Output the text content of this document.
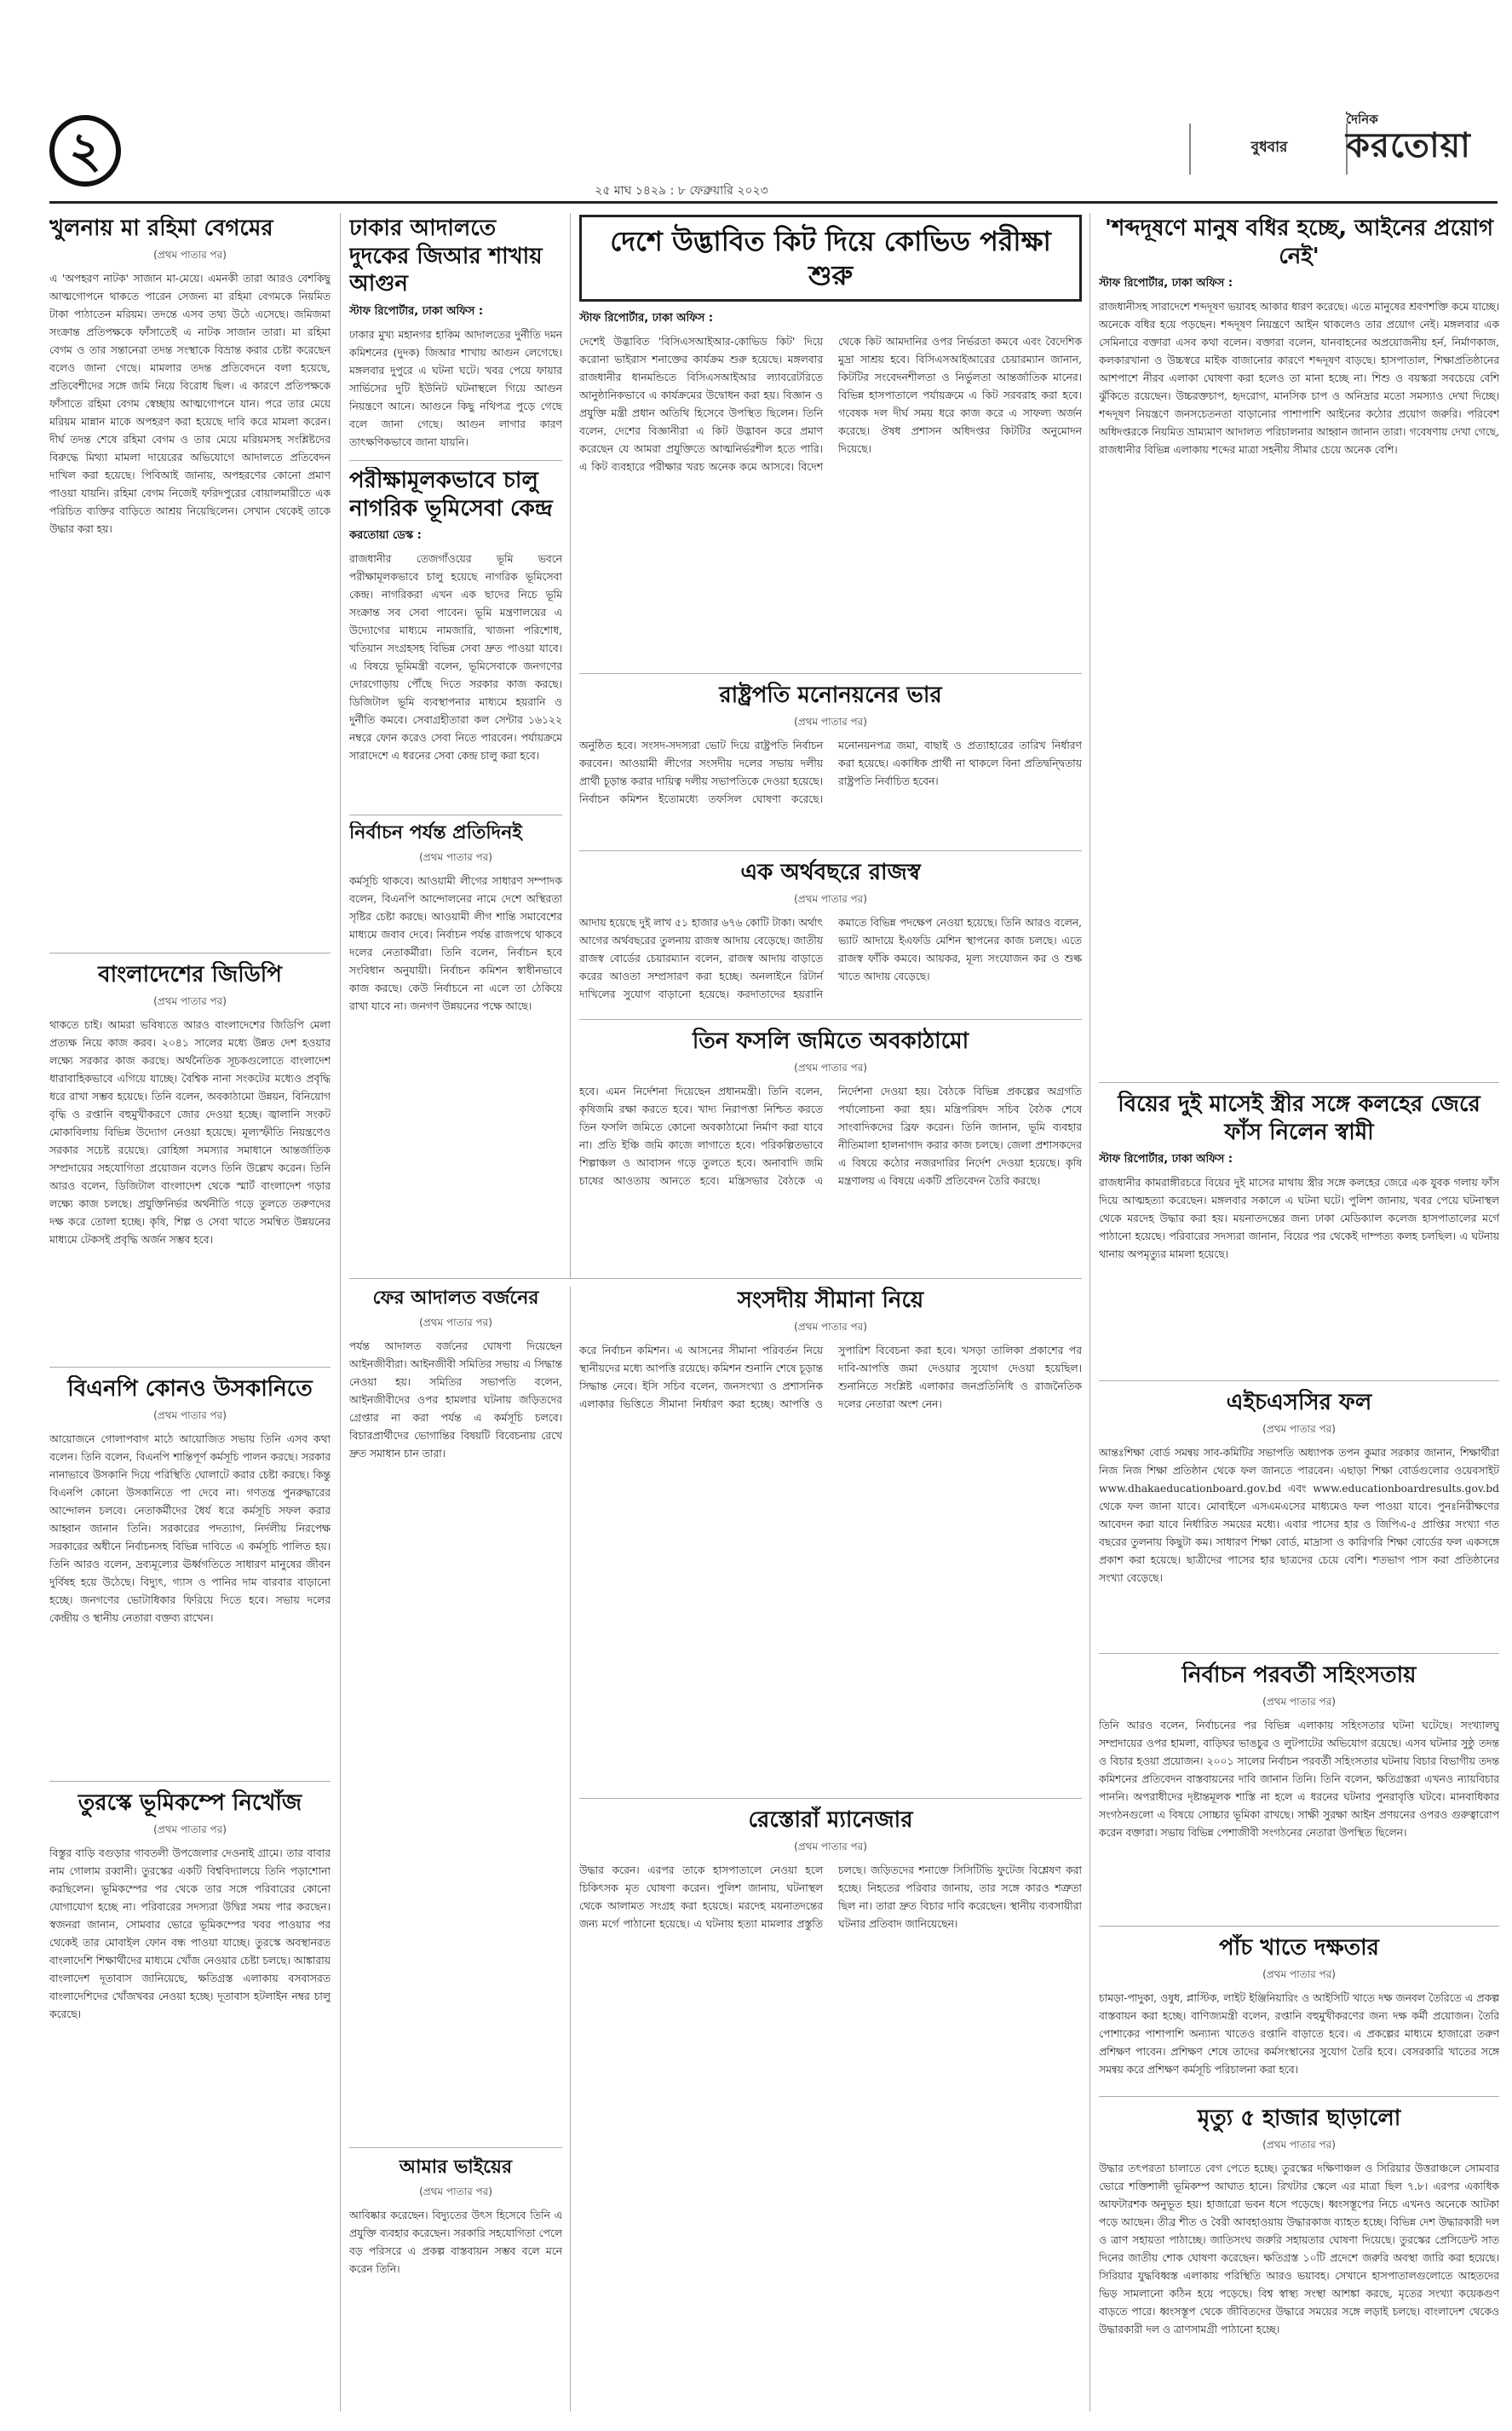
২
২৫ মাঘ ১৪২৯ : ৮ ফেব্রুয়ারি ২০২৩
বুধবার
দৈনিক
করতোয়া
খুলনায় মা রহিমা বেগমের
(প্রথম পাতার পর)

এ 'অপহরণ নাটক' সাজান মা-মেয়ে। এমনকী তারা আরও বেশকিছু আত্মগোপনে থাকতে পারেন সেজন্য মা রহিমা বেগমকে নিয়মিত টাকা পাঠাতেন মরিয়ম। তদন্তে এসব তথ্য উঠে এসেছে। জমিজমা সংক্রান্ত প্রতিপক্ষকে ফাঁসাতেই এ নাটক সাজান তারা। মা রহিমা বেগম ও তার সন্তানেরা তদন্ত সংস্থাকে বিভ্রান্ত করার চেষ্টা করেছেন বলেও জানা গেছে। মামলার তদন্ত প্রতিবেদনে বলা হয়েছে, প্রতিবেশীদের সঙ্গে জমি নিয়ে বিরোধ ছিল। এ কারণে প্রতিপক্ষকে ফাঁসাতে রহিমা বেগম স্বেচ্ছায় আত্মগোপনে যান। পরে তার মেয়ে মরিয়ম মান্নান মাকে অপহরণ করা হয়েছে দাবি করে মামলা করেন। দীর্ঘ তদন্ত শেষে রহিমা বেগম ও তার মেয়ে মরিয়মসহ সংশ্লিষ্টদের বিরুদ্ধে মিথ্যা মামলা দায়েরের অভিযোগে আদালতে প্রতিবেদন দাখিল করা হয়েছে। পিবিআই জানায়, অপহরণের কোনো প্রমাণ পাওয়া যায়নি। রহিমা বেগম নিজেই ফরিদপুরের বোয়ালমারীতে এক পরিচিত ব্যক্তির বাড়িতে আশ্রয় নিয়েছিলেন। সেখান থেকেই তাকে উদ্ধার করা হয়।

বাংলাদেশের জিডিপি
(প্রথম পাতার পর)

থাকতে চাই। আমরা ভবিষ্যতে আরও বাংলাদেশের জিডিপি মেলা প্রত্যক্ষ নিয়ে কাজ করব। ২০৪১ সালের মধ্যে উন্নত দেশ হওয়ার লক্ষ্যে সরকার কাজ করছে। অর্থনৈতিক সূচকগুলোতে বাংলাদেশ ধারাবাহিকভাবে এগিয়ে যাচ্ছে। বৈশ্বিক নানা সংকটের মধ্যেও প্রবৃদ্ধি ধরে রাখা সম্ভব হয়েছে। তিনি বলেন, অবকাঠামো উন্নয়ন, বিনিয়োগ বৃদ্ধি ও রপ্তানি বহুমুখীকরণে জোর দেওয়া হচ্ছে। জ্বালানি সংকট মোকাবিলায় বিভিন্ন উদ্যোগ নেওয়া হয়েছে। মূল্যস্ফীতি নিয়ন্ত্রণেও সরকার সচেষ্ট রয়েছে। রোহিঙ্গা সমস্যার সমাধানে আন্তর্জাতিক সম্প্রদায়ের সহযোগিতা প্রয়োজন বলেও তিনি উল্লেখ করেন। তিনি আরও বলেন, ডিজিটাল বাংলাদেশ থেকে স্মার্ট বাংলাদেশ গড়ার লক্ষ্যে কাজ চলছে। প্রযুক্তিনির্ভর অর্থনীতি গড়ে তুলতে তরুণদের দক্ষ করে তোলা হচ্ছে। কৃষি, শিল্প ও সেবা খাতে সমন্বিত উন্নয়নের মাধ্যমে টেকসই প্রবৃদ্ধি অর্জন সম্ভব হবে।

বিএনপি কোনও উসকানিতে
(প্রথম পাতার পর)

আয়োজনে গোলাপবাগ মাঠে আয়োজিত সভায় তিনি এসব কথা বলেন। তিনি বলেন, বিএনপি শান্তিপূর্ণ কর্মসূচি পালন করছে। সরকার নানাভাবে উসকানি দিয়ে পরিস্থিতি ঘোলাটে করার চেষ্টা করছে। কিন্তু বিএনপি কোনো উসকানিতে পা দেবে না। গণতন্ত্র পুনরুদ্ধারের আন্দোলন চলবে। নেতাকর্মীদের ধৈর্য ধরে কর্মসূচি সফল করার আহ্বান জানান তিনি। সরকারের পদত্যাগ, নির্দলীয় নিরপেক্ষ সরকারের অধীনে নির্বাচনসহ বিভিন্ন দাবিতে এ কর্মসূচি পালিত হয়। তিনি আরও বলেন, দ্রব্যমূল্যের ঊর্ধ্বগতিতে সাধারণ মানুষের জীবন দুর্বিষহ হয়ে উঠেছে। বিদ্যুৎ, গ্যাস ও পানির দাম বারবার বাড়ানো হচ্ছে। জনগণের ভোটাধিকার ফিরিয়ে দিতে হবে। সভায় দলের কেন্দ্রীয় ও স্থানীয় নেতারা বক্তব্য রাখেন।

তুরস্কে ভূমিকম্পে নিখোঁজ
(প্রথম পাতার পর)

বিস্তুর বাড়ি বগুড়ার গাবতলী উপজেলার দেওনাই গ্রামে। তার বাবার নাম গোলাম রব্বানী। তুরস্কের একটি বিশ্ববিদ্যালয়ে তিনি পড়াশোনা করছিলেন। ভূমিকম্পের পর থেকে তার সঙ্গে পরিবারের কোনো যোগাযোগ হচ্ছে না। পরিবারের সদস্যরা উদ্বিগ্ন সময় পার করছেন। স্বজনরা জানান, সোমবার ভোরে ভূমিকম্পের খবর পাওয়ার পর থেকেই তার মোবাইল ফোন বন্ধ পাওয়া যাচ্ছে। তুরস্কে অবস্থানরত বাংলাদেশি শিক্ষার্থীদের মাধ্যমে খোঁজ নেওয়ার চেষ্টা চলছে। আঙ্কারায় বাংলাদেশ দূতাবাস জানিয়েছে, ক্ষতিগ্রস্ত এলাকায় বসবাসরত বাংলাদেশিদের খোঁজখবর নেওয়া হচ্ছে। দূতাবাস হটলাইন নম্বর চালু করেছে।

ঢাকার আদালতে দুদকের জিআর শাখায় আগুন
স্টাফ রিপোর্টার, ঢাকা অফিস :

ঢাকার মুখ্য মহানগর হাকিম আদালতের দুর্নীতি দমন কমিশনের (দুদক) জিআর শাখায় আগুন লেগেছে। মঙ্গলবার দুপুরে এ ঘটনা ঘটে। খবর পেয়ে ফায়ার সার্ভিসের দুটি ইউনিট ঘটনাস্থলে গিয়ে আগুন নিয়ন্ত্রণে আনে। আগুনে কিছু নথিপত্র পুড়ে গেছে বলে জানা গেছে। আগুন লাগার কারণ তাৎক্ষণিকভাবে জানা যায়নি।

পরীক্ষামূলকভাবে চালু নাগরিক ভূমিসেবা কেন্দ্র
করতোয়া ডেস্ক :

রাজধানীর তেজগাঁওয়ের ভূমি ভবনে পরীক্ষামূলকভাবে চালু হয়েছে নাগরিক ভূমিসেবা কেন্দ্র। নাগরিকরা এখন এক ছাদের নিচে ভূমি সংক্রান্ত সব সেবা পাবেন। ভূমি মন্ত্রণালয়ের এ উদ্যোগের মাধ্যমে নামজারি, খাজনা পরিশোধ, খতিয়ান সংগ্রহসহ বিভিন্ন সেবা দ্রুত পাওয়া যাবে। এ বিষয়ে ভূমিমন্ত্রী বলেন, ভূমিসেবাকে জনগণের দোরগোড়ায় পৌঁছে দিতে সরকার কাজ করছে। ডিজিটাল ভূমি ব্যবস্থাপনার মাধ্যমে হয়রানি ও দুর্নীতি কমবে। সেবাগ্রহীতারা কল সেন্টার ১৬১২২ নম্বরে ফোন করেও সেবা নিতে পারবেন। পর্যায়ক্রমে সারাদেশে এ ধরনের সেবা কেন্দ্র চালু করা হবে।

নির্বাচন পর্যন্ত প্রতিদিনই
(প্রথম পাতার পর)

কর্মসূচি থাকবে। আওয়ামী লীগের সাধারণ সম্পাদক বলেন, বিএনপি আন্দোলনের নামে দেশে অস্থিরতা সৃষ্টির চেষ্টা করছে। আওয়ামী লীগ শান্তি সমাবেশের মাধ্যমে জবাব দেবে। নির্বাচন পর্যন্ত রাজপথে থাকবে দলের নেতাকর্মীরা। তিনি বলেন, নির্বাচন হবে সংবিধান অনুযায়ী। নির্বাচন কমিশন স্বাধীনভাবে কাজ করছে। কেউ নির্বাচনে না এলে তা ঠেকিয়ে রাখা যাবে না। জনগণ উন্নয়নের পক্ষে আছে।

ফের আদালত বর্জনের
(প্রথম পাতার পর)

পর্যন্ত আদালত বর্জনের ঘোষণা দিয়েছেন আইনজীবীরা। আইনজীবী সমিতির সভায় এ সিদ্ধান্ত নেওয়া হয়। সমিতির সভাপতি বলেন, আইনজীবীদের ওপর হামলার ঘটনায় জড়িতদের গ্রেপ্তার না করা পর্যন্ত এ কর্মসূচি চলবে। বিচারপ্রার্থীদের ভোগান্তির বিষয়টি বিবেচনায় রেখে দ্রুত সমাধান চান তারা।

আমার ভাইয়ের
(প্রথম পাতার পর)

আবিষ্কার করেছেন। বিদ্যুতের উৎস হিসেবে তিনি এ প্রযুক্তি ব্যবহার করেছেন। সরকারি সহযোগিতা পেলে বড় পরিসরে এ প্রকল্প বাস্তবায়ন সম্ভব বলে মনে করেন তিনি।

দেশে উদ্ভাবিত কিট দিয়ে কোভিড পরীক্ষা শুরু
স্টাফ রিপোর্টার, ঢাকা অফিস :

দেশেই উদ্ভাবিত 'বিসিএসআইআর-কোভিড কিট' দিয়ে করোনা ভাইরাস শনাক্তের কার্যক্রম শুরু হয়েছে। মঙ্গলবার রাজধানীর ধানমন্ডিতে বিসিএসআইআর ল্যাবরেটরিতে আনুষ্ঠানিকভাবে এ কার্যক্রমের উদ্বোধন করা হয়। বিজ্ঞান ও প্রযুক্তি মন্ত্রী প্রধান অতিথি হিসেবে উপস্থিত ছিলেন। তিনি বলেন, দেশের বিজ্ঞানীরা এ কিট উদ্ভাবন করে প্রমাণ করেছেন যে আমরা প্রযুক্তিতে আত্মনির্ভরশীল হতে পারি। এ কিট ব্যবহারে পরীক্ষার খরচ অনেক কমে আসবে। বিদেশ থেকে কিট আমদানির ওপর নির্ভরতা কমবে এবং বৈদেশিক মুদ্রা সাশ্রয় হবে। বিসিএসআইআরের চেয়ারম্যান জানান, কিটটির সংবেদনশীলতা ও নির্ভুলতা আন্তর্জাতিক মানের। বিভিন্ন হাসপাতালে পর্যায়ক্রমে এ কিট সরবরাহ করা হবে। গবেষক দল দীর্ঘ সময় ধরে কাজ করে এ সাফল্য অর্জন করেছে। ঔষধ প্রশাসন অধিদপ্তর কিটটির অনুমোদন দিয়েছে।

রাষ্ট্রপতি মনোনয়নের ভার
(প্রথম পাতার পর)

অনুষ্ঠিত হবে। সংসদ-সদস্যরা ভোট দিয়ে রাষ্ট্রপতি নির্বাচন করবেন। আওয়ামী লীগের সংসদীয় দলের সভায় দলীয় প্রার্থী চূড়ান্ত করার দায়িত্ব দলীয় সভাপতিকে দেওয়া হয়েছে। নির্বাচন কমিশন ইতোমধ্যে তফসিল ঘোষণা করেছে। মনোনয়নপত্র জমা, বাছাই ও প্রত্যাহারের তারিখ নির্ধারণ করা হয়েছে। একাধিক প্রার্থী না থাকলে বিনা প্রতিদ্বন্দ্বিতায় রাষ্ট্রপতি নির্বাচিত হবেন।

এক অর্থবছরে রাজস্ব
(প্রথম পাতার পর)

আদায় হয়েছে দুই লাখ ৫১ হাজার ৬৭৬ কোটি টাকা। অর্থাৎ আগের অর্থবছরের তুলনায় রাজস্ব আদায় বেড়েছে। জাতীয় রাজস্ব বোর্ডের চেয়ারম্যান বলেন, রাজস্ব আদায় বাড়াতে করের আওতা সম্প্রসারণ করা হচ্ছে। অনলাইনে রিটার্ন দাখিলের সুযোগ বাড়ানো হয়েছে। করদাতাদের হয়রানি কমাতে বিভিন্ন পদক্ষেপ নেওয়া হয়েছে। তিনি আরও বলেন, ভ্যাট আদায়ে ইএফডি মেশিন স্থাপনের কাজ চলছে। এতে রাজস্ব ফাঁকি কমবে। আয়কর, মূল্য সংযোজন কর ও শুল্ক খাতে আদায় বেড়েছে।

তিন ফসলি জমিতে অবকাঠামো
(প্রথম পাতার পর)

হবে। এমন নির্দেশনা দিয়েছেন প্রধানমন্ত্রী। তিনি বলেন, কৃষিজমি রক্ষা করতে হবে। খাদ্য নিরাপত্তা নিশ্চিত করতে তিন ফসলি জমিতে কোনো অবকাঠামো নির্মাণ করা যাবে না। প্রতি ইঞ্চি জমি কাজে লাগাতে হবে। পরিকল্পিতভাবে শিল্পাঞ্চল ও আবাসন গড়ে তুলতে হবে। অনাবাদি জমি চাষের আওতায় আনতে হবে। মন্ত্রিসভার বৈঠকে এ নির্দেশনা দেওয়া হয়। বৈঠকে বিভিন্ন প্রকল্পের অগ্রগতি পর্যালোচনা করা হয়। মন্ত্রিপরিষদ সচিব বৈঠক শেষে সাংবাদিকদের ব্রিফ করেন। তিনি জানান, ভূমি ব্যবহার নীতিমালা হালনাগাদ করার কাজ চলছে। জেলা প্রশাসকদের এ বিষয়ে কঠোর নজরদারির নির্দেশ দেওয়া হয়েছে। কৃষি মন্ত্রণালয় এ বিষয়ে একটি প্রতিবেদন তৈরি করছে।

সংসদীয় সীমানা নিয়ে
(প্রথম পাতার পর)

করে নির্বাচন কমিশন। এ আসনের সীমানা পরিবর্তন নিয়ে স্থানীয়দের মধ্যে আপত্তি রয়েছে। কমিশন শুনানি শেষে চূড়ান্ত সিদ্ধান্ত নেবে। ইসি সচিব বলেন, জনসংখ্যা ও প্রশাসনিক এলাকার ভিত্তিতে সীমানা নির্ধারণ করা হচ্ছে। আপত্তি ও সুপারিশ বিবেচনা করা হবে। খসড়া তালিকা প্রকাশের পর দাবি-আপত্তি জমা দেওয়ার সুযোগ দেওয়া হয়েছিল। শুনানিতে সংশ্লিষ্ট এলাকার জনপ্রতিনিধি ও রাজনৈতিক দলের নেতারা অংশ নেন।

রেস্তোরাঁ ম্যানেজার
(প্রথম পাতার পর)

উদ্ধার করেন। এরপর তাকে হাসপাতালে নেওয়া হলে চিকিৎসক মৃত ঘোষণা করেন। পুলিশ জানায়, ঘটনাস্থল থেকে আলামত সংগ্রহ করা হয়েছে। মরদেহ ময়নাতদন্তের জন্য মর্গে পাঠানো হয়েছে। এ ঘটনায় হত্যা মামলার প্রস্তুতি চলছে। জড়িতদের শনাক্তে সিসিটিভি ফুটেজ বিশ্লেষণ করা হচ্ছে। নিহতের পরিবার জানায়, তার সঙ্গে কারও শত্রুতা ছিল না। তারা দ্রুত বিচার দাবি করেছেন। স্থানীয় ব্যবসায়ীরা ঘটনার প্রতিবাদ জানিয়েছেন।

'শব্দদূষণে মানুষ বধির হচ্ছে, আইনের প্রয়োগ নেই'
স্টাফ রিপোর্টার, ঢাকা অফিস :

রাজধানীসহ সারাদেশে শব্দদূষণ ভয়াবহ আকার ধারণ করেছে। এতে মানুষের শ্রবণশক্তি কমে যাচ্ছে। অনেকে বধির হয়ে পড়ছেন। শব্দদূষণ নিয়ন্ত্রণে আইন থাকলেও তার প্রয়োগ নেই। মঙ্গলবার এক সেমিনারে বক্তারা এসব কথা বলেন। বক্তারা বলেন, যানবাহনের অপ্রয়োজনীয় হর্ন, নির্মাণকাজ, কলকারখানা ও উচ্চস্বরে মাইক বাজানোর কারণে শব্দদূষণ বাড়ছে। হাসপাতাল, শিক্ষাপ্রতিষ্ঠানের আশপাশে নীরব এলাকা ঘোষণা করা হলেও তা মানা হচ্ছে না। শিশু ও বয়স্করা সবচেয়ে বেশি ঝুঁকিতে রয়েছেন। উচ্চরক্তচাপ, হৃদরোগ, মানসিক চাপ ও অনিদ্রার মতো সমস্যাও দেখা দিচ্ছে। শব্দদূষণ নিয়ন্ত্রণে জনসচেতনতা বাড়ানোর পাশাপাশি আইনের কঠোর প্রয়োগ জরুরি। পরিবেশ অধিদপ্তরকে নিয়মিত ভ্রাম্যমাণ আদালত পরিচালনার আহ্বান জানান তারা। গবেষণায় দেখা গেছে, রাজধানীর বিভিন্ন এলাকায় শব্দের মাত্রা সহনীয় সীমার চেয়ে অনেক বেশি।

বিয়ের দুই মাসেই স্ত্রীর সঙ্গে কলহের জেরে ফাঁস নিলেন স্বামী
স্টাফ রিপোর্টার, ঢাকা অফিস :

রাজধানীর কামরাঙ্গীরচরে বিয়ের দুই মাসের মাথায় স্ত্রীর সঙ্গে কলহের জেরে এক যুবক গলায় ফাঁস দিয়ে আত্মহত্যা করেছেন। মঙ্গলবার সকালে এ ঘটনা ঘটে। পুলিশ জানায়, খবর পেয়ে ঘটনাস্থল থেকে মরদেহ উদ্ধার করা হয়। ময়নাতদন্তের জন্য ঢাকা মেডিক্যাল কলেজ হাসপাতালের মর্গে পাঠানো হয়েছে। পরিবারের সদস্যরা জানান, বিয়ের পর থেকেই দাম্পত্য কলহ চলছিল। এ ঘটনায় থানায় অপমৃত্যুর মামলা হয়েছে।

এইচএসসির ফল
(প্রথম পাতার পর)

আন্তঃশিক্ষা বোর্ড সমন্বয় সাব-কমিটির সভাপতি অধ্যাপক তপন কুমার সরকার জানান, শিক্ষার্থীরা নিজ নিজ শিক্ষা প্রতিষ্ঠান থেকে ফল জানতে পারবেন। এছাড়া শিক্ষা বোর্ডগুলোর ওয়েবসাইট www.dhakaeducationboard.gov.bd এবং www.educationboardresults.gov.bd থেকে ফল জানা যাবে। মোবাইলে এসএমএসের মাধ্যমেও ফল পাওয়া যাবে। পুনঃনিরীক্ষণের আবেদন করা যাবে নির্ধারিত সময়ের মধ্যে। এবার পাসের হার ও জিপিএ-৫ প্রাপ্তির সংখ্যা গত বছরের তুলনায় কিছুটা কম। সাধারণ শিক্ষা বোর্ড, মাদ্রাসা ও কারিগরি শিক্ষা বোর্ডের ফল একসঙ্গে প্রকাশ করা হয়েছে। ছাত্রীদের পাসের হার ছাত্রদের চেয়ে বেশি। শতভাগ পাস করা প্রতিষ্ঠানের সংখ্যা বেড়েছে।

নির্বাচন পরবর্তী সহিংসতায়
(প্রথম পাতার পর)

তিনি আরও বলেন, নির্বাচনের পর বিভিন্ন এলাকায় সহিংসতার ঘটনা ঘটেছে। সংখ্যালঘু সম্প্রদায়ের ওপর হামলা, বাড়িঘর ভাঙচুর ও লুটপাটের অভিযোগ রয়েছে। এসব ঘটনার সুষ্ঠু তদন্ত ও বিচার হওয়া প্রয়োজন। ২০০১ সালের নির্বাচন পরবর্তী সহিংসতার ঘটনায় বিচার বিভাগীয় তদন্ত কমিশনের প্রতিবেদন বাস্তবায়নের দাবি জানান তিনি। তিনি বলেন, ক্ষতিগ্রস্তরা এখনও ন্যায়বিচার পাননি। অপরাধীদের দৃষ্টান্তমূলক শাস্তি না হলে এ ধরনের ঘটনার পুনরাবৃত্তি ঘটবে। মানবাধিকার সংগঠনগুলো এ বিষয়ে সোচ্চার ভূমিকা রাখছে। সাক্ষী সুরক্ষা আইন প্রণয়নের ওপরও গুরুত্বারোপ করেন বক্তারা। সভায় বিভিন্ন পেশাজীবী সংগঠনের নেতারা উপস্থিত ছিলেন।

পাঁচ খাতে দক্ষতার
(প্রথম পাতার পর)

চামড়া-পাদুকা, ওষুধ, প্লাস্টিক, লাইট ইঞ্জিনিয়ারিং ও আইসিটি খাতে দক্ষ জনবল তৈরিতে এ প্রকল্প বাস্তবায়ন করা হচ্ছে। বাণিজ্যমন্ত্রী বলেন, রপ্তানি বহুমুখীকরণের জন্য দক্ষ কর্মী প্রয়োজন। তৈরি পোশাকের পাশাপাশি অন্যান্য খাতেও রপ্তানি বাড়াতে হবে। এ প্রকল্পের মাধ্যমে হাজারো তরুণ প্রশিক্ষণ পাবেন। প্রশিক্ষণ শেষে তাদের কর্মসংস্থানের সুযোগ তৈরি হবে। বেসরকারি খাতের সঙ্গে সমন্বয় করে প্রশিক্ষণ কর্মসূচি পরিচালনা করা হবে।

মৃত্যু ৫ হাজার ছাড়ালো
(প্রথম পাতার পর)

উদ্ধার তৎপরতা চালাতে বেগ পেতে হচ্ছে। তুরস্কের দক্ষিণাঞ্চল ও সিরিয়ার উত্তরাঞ্চলে সোমবার ভোরে শক্তিশালী ভূমিকম্প আঘাত হানে। রিখটার স্কেলে এর মাত্রা ছিল ৭.৮। এরপর একাধিক আফটারশক অনুভূত হয়। হাজারো ভবন ধসে পড়েছে। ধ্বংসস্তূপের নিচে এখনও অনেকে আটকা পড়ে আছেন। তীব্র শীত ও বৈরী আবহাওয়ায় উদ্ধারকাজ ব্যাহত হচ্ছে। বিভিন্ন দেশ উদ্ধারকারী দল ও ত্রাণ সহায়তা পাঠাচ্ছে। জাতিসংঘ জরুরি সহায়তার ঘোষণা দিয়েছে। তুরস্কের প্রেসিডেন্ট সাত দিনের জাতীয় শোক ঘোষণা করেছেন। ক্ষতিগ্রস্ত ১০টি প্রদেশে জরুরি অবস্থা জারি করা হয়েছে। সিরিয়ার যুদ্ধবিধ্বস্ত এলাকায় পরিস্থিতি আরও ভয়াবহ। সেখানে হাসপাতালগুলোতে আহতদের ভিড় সামলানো কঠিন হয়ে পড়েছে। বিশ্ব স্বাস্থ্য সংস্থা আশঙ্কা করছে, মৃতের সংখ্যা কয়েকগুণ বাড়তে পারে। ধ্বংসস্তূপ থেকে জীবিতদের উদ্ধারে সময়ের সঙ্গে লড়াই চলছে। বাংলাদেশ থেকেও উদ্ধারকারী দল ও ত্রাণসামগ্রী পাঠানো হচ্ছে।
